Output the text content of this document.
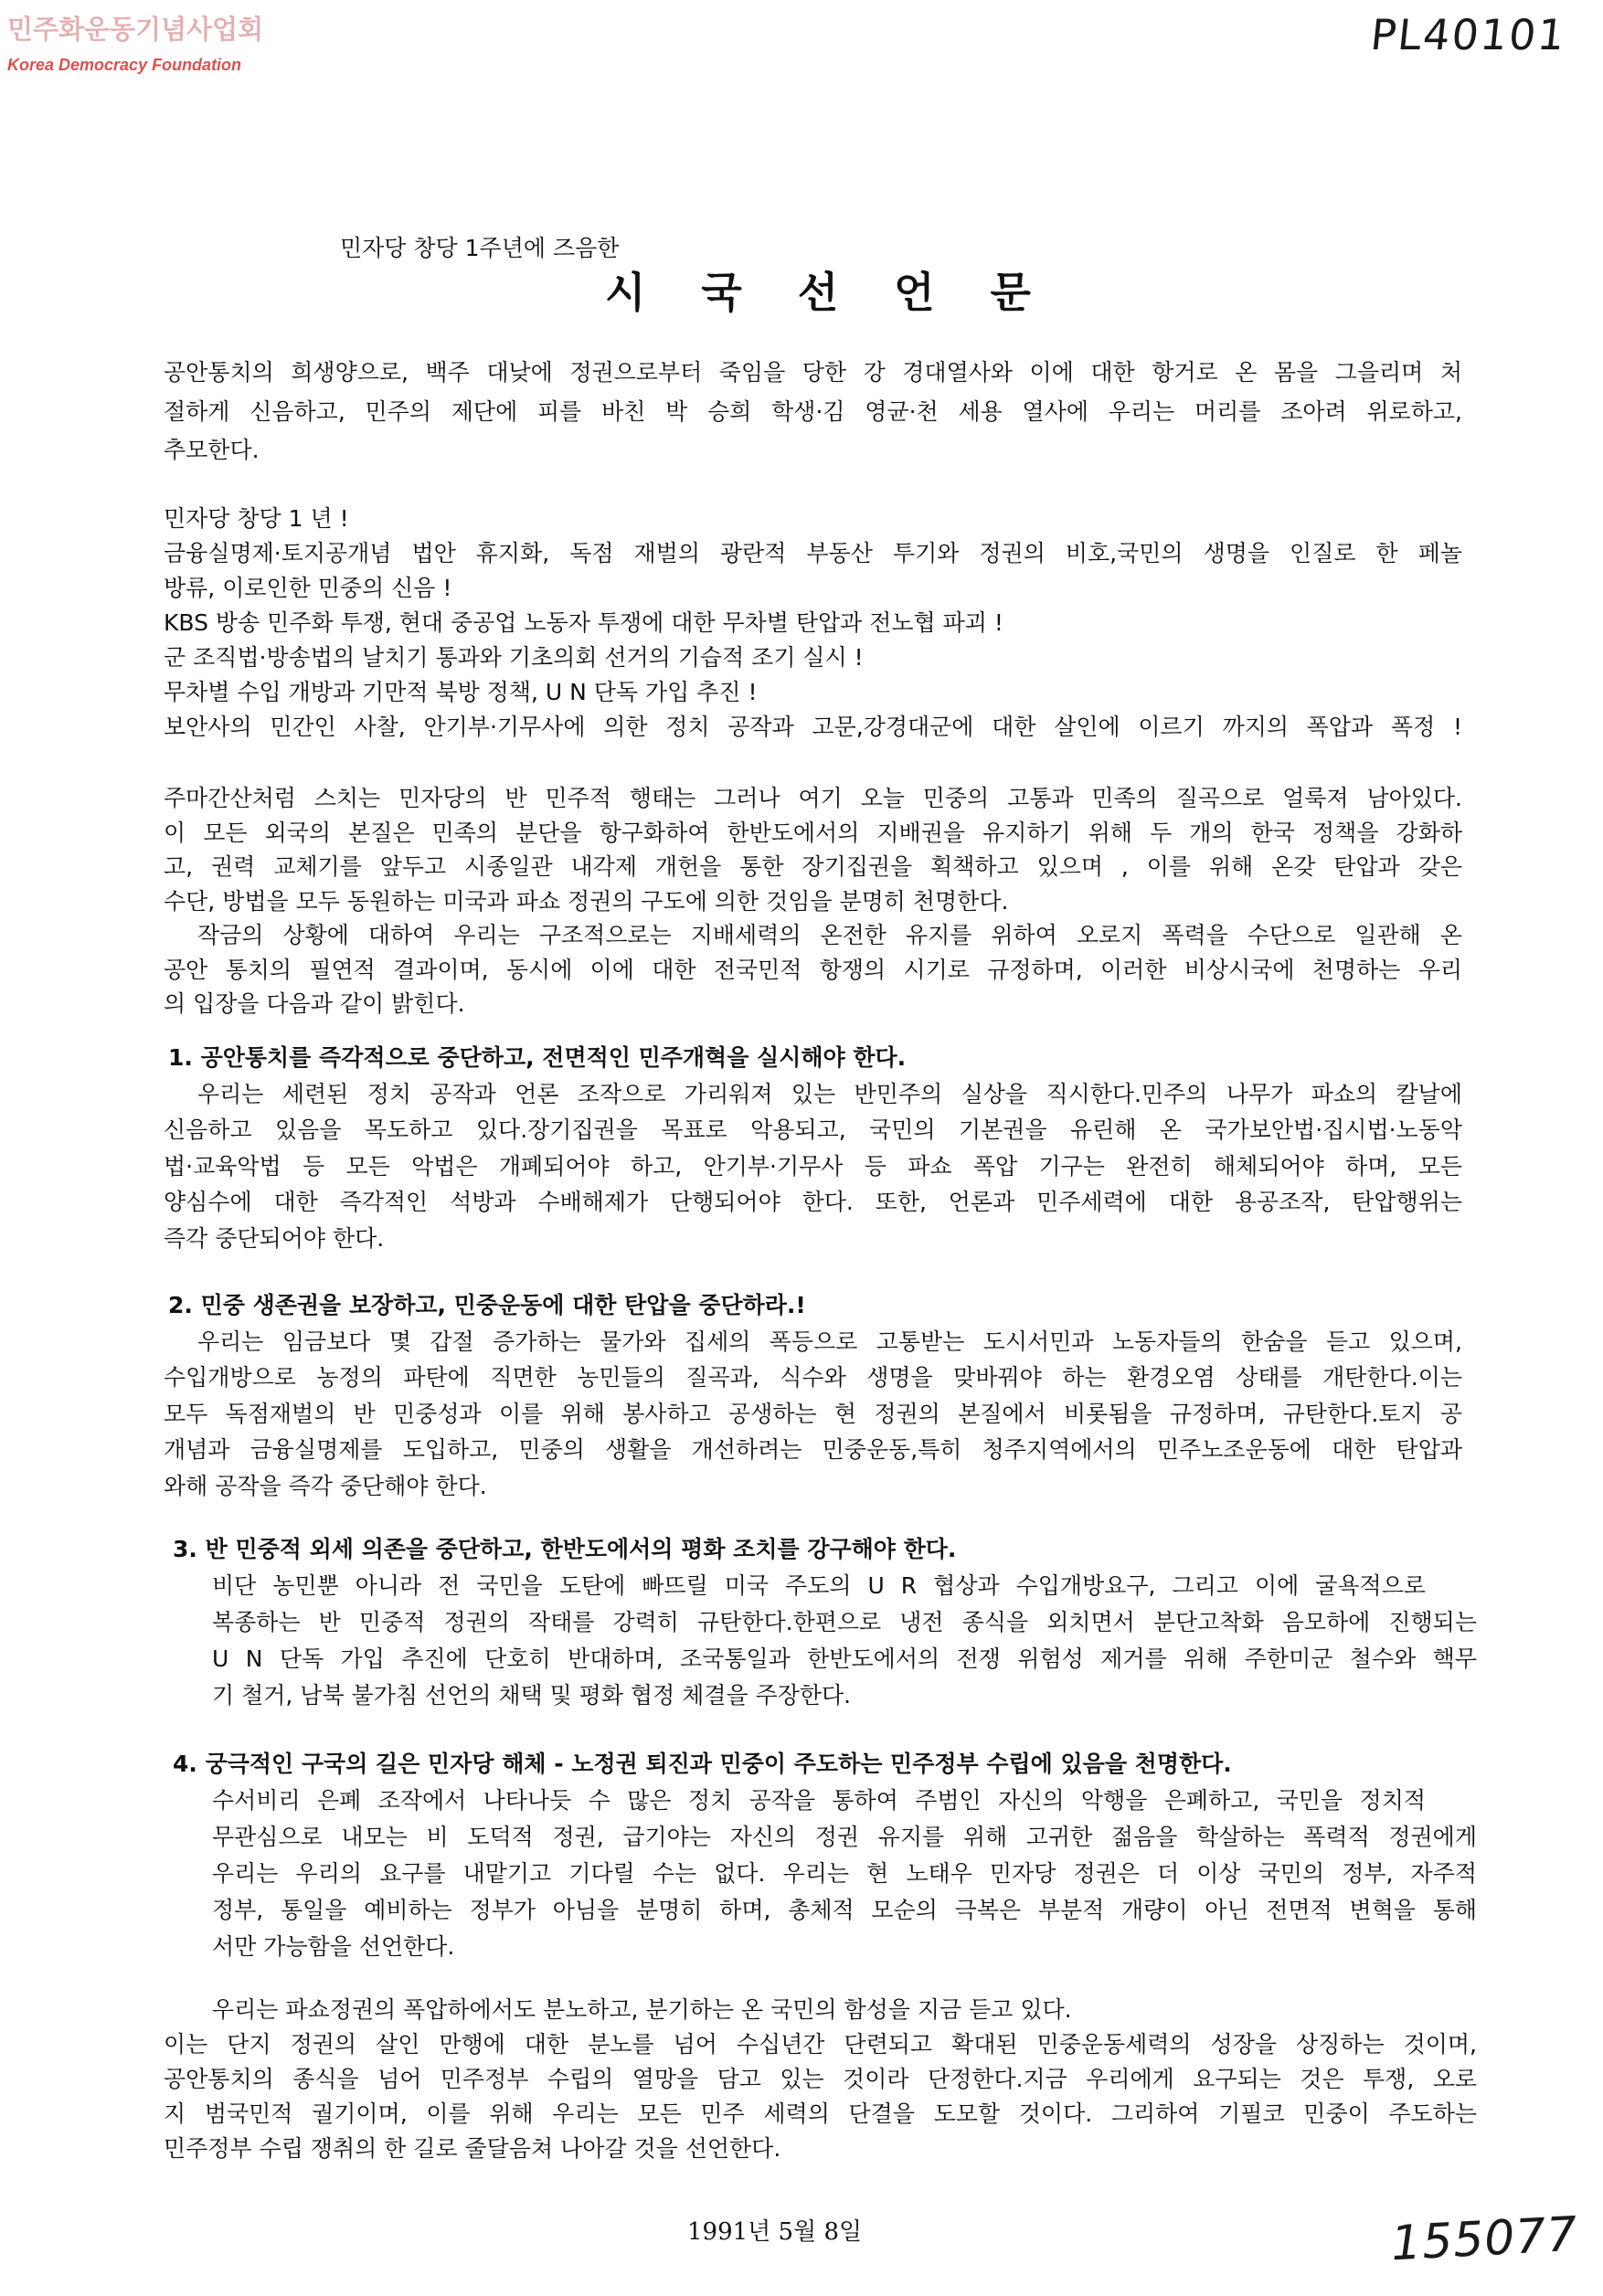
민주화운동기념사업회
Korea Democracy Foundation
PL40101
민자당 창당 1주년에 즈음한
시 국 선 언 문
공안통치의 희생양으로, 백주 대낮에 정권으로부터 죽임을 당한 강 경대열사와 이에 대한 항거로 온 몸을 그을리며 처
절하게 신음하고, 민주의 제단에 피를 바친 박 승희 학생·김 영균·천 세용 열사에 우리는 머리를 조아려 위로하고,
추모한다.
민자당 창당 1 년 !
금융실명제·토지공개념 법안 휴지화, 독점 재벌의 광란적 부동산 투기와 정권의 비호,국민의 생명을 인질로 한 페놀
방류, 이로인한 민중의 신음 !
KBS 방송 민주화 투쟁, 현대 중공업 노동자 투쟁에 대한 무차별 탄압과 전노협 파괴 !
군 조직법·방송법의 날치기 통과와 기초의회 선거의 기습적 조기 실시 !
무차별 수입 개방과 기만적 북방 정책, U N 단독 가입 추진 !
보안사의 민간인 사찰, 안기부·기무사에 의한 정치 공작과 고문,강경대군에 대한 살인에 이르기 까지의 폭압과 폭정 !
주마간산처럼 스치는 민자당의 반 민주적 행태는 그러나 여기 오늘 민중의 고통과 민족의 질곡으로 얼룩져 남아있다.
이 모든 외국의 본질은 민족의 분단을 항구화하여 한반도에서의 지배권을 유지하기 위해 두 개의 한국 정책을 강화하
고, 권력 교체기를 앞두고 시종일관 내각제 개헌을 통한 장기집권을 획책하고 있으며 , 이를 위해 온갖 탄압과 갖은
수단, 방법을 모두 동원하는 미국과 파쇼 정권의 구도에 의한 것임을 분명히 천명한다.
작금의 상황에 대하여 우리는 구조적으로는 지배세력의 온전한 유지를 위하여 오로지 폭력을 수단으로 일관해 온
공안 통치의 필연적 결과이며, 동시에 이에 대한 전국민적 항쟁의 시기로 규정하며, 이러한 비상시국에 천명하는 우리
의 입장을 다음과 같이 밝힌다.
1. 공안통치를 즉각적으로 중단하고, 전면적인 민주개혁을 실시해야 한다.
우리는 세련된 정치 공작과 언론 조작으로 가리워져 있는 반민주의 실상을 직시한다.민주의 나무가 파쇼의 칼날에
신음하고 있음을 목도하고 있다.장기집권을 목표로 악용되고, 국민의 기본권을 유린해 온 국가보안법·집시법·노동악
법·교육악법 등 모든 악법은 개폐되어야 하고, 안기부·기무사 등 파쇼 폭압 기구는 완전히 해체되어야 하며, 모든
양심수에 대한 즉각적인 석방과 수배해제가 단행되어야 한다. 또한, 언론과 민주세력에 대한 용공조작, 탄압행위는
즉각 중단되어야 한다.
2. 민중 생존권을 보장하고, 민중운동에 대한 탄압을 중단하라.!
우리는 임금보다 몇 갑절 증가하는 물가와 집세의 폭등으로 고통받는 도시서민과 노동자들의 한숨을 듣고 있으며,
수입개방으로 농정의 파탄에 직면한 농민들의 질곡과, 식수와 생명을 맞바꿔야 하는 환경오염 상태를 개탄한다.이는
모두 독점재벌의 반 민중성과 이를 위해 봉사하고 공생하는 현 정권의 본질에서 비롯됨을 규정하며, 규탄한다.토지 공
개념과 금융실명제를 도입하고, 민중의 생활을 개선하려는 민중운동,특히 청주지역에서의 민주노조운동에 대한 탄압과
와해 공작을 즉각 중단해야 한다.
3. 반 민중적 외세 의존을 중단하고, 한반도에서의 평화 조치를 강구해야 한다.
비단 농민뿐 아니라 전 국민을 도탄에 빠뜨릴 미국 주도의 U R 협상과 수입개방요구, 그리고 이에 굴욕적으로
복종하는 반 민중적 정권의 작태를 강력히 규탄한다.한편으로 냉전 종식을 외치면서 분단고착화 음모하에 진행되는
U N 단독 가입 추진에 단호히 반대하며, 조국통일과 한반도에서의 전쟁 위험성 제거를 위해 주한미군 철수와 핵무
기 철거, 남북 불가침 선언의 채택 및 평화 협정 체결을 주장한다.
4. 궁극적인 구국의 길은 민자당 해체 - 노정권 퇴진과 민중이 주도하는 민주정부 수립에 있음을 천명한다.
수서비리 은폐 조작에서 나타나듯 수 많은 정치 공작을 통하여 주범인 자신의 악행을 은폐하고, 국민을 정치적
무관심으로 내모는 비 도덕적 정권, 급기야는 자신의 정권 유지를 위해 고귀한 젊음을 학살하는 폭력적 정권에게
우리는 우리의 요구를 내맡기고 기다릴 수는 없다. 우리는 현 노태우 민자당 정권은 더 이상 국민의 정부, 자주적
정부, 통일을 예비하는 정부가 아님을 분명히 하며, 총체적 모순의 극복은 부분적 개량이 아닌 전면적 변혁을 통해
서만 가능함을 선언한다.
우리는 파쇼정권의 폭압하에서도 분노하고, 분기하는 온 국민의 함성을 지금 듣고 있다.
이는 단지 정권의 살인 만행에 대한 분노를 넘어 수십년간 단련되고 확대된 민중운동세력의 성장을 상징하는 것이며,
공안통치의 종식을 넘어 민주정부 수립의 열망을 담고 있는 것이라 단정한다.지금 우리에게 요구되는 것은 투쟁, 오로
지 범국민적 궐기이며, 이를 위해 우리는 모든 민주 세력의 단결을 도모할 것이다. 그리하여 기필코 민중이 주도하는
민주정부 수립 쟁취의 한 길로 줄달음쳐 나아갈 것을 선언한다.
1991년 5월 8일	155077
